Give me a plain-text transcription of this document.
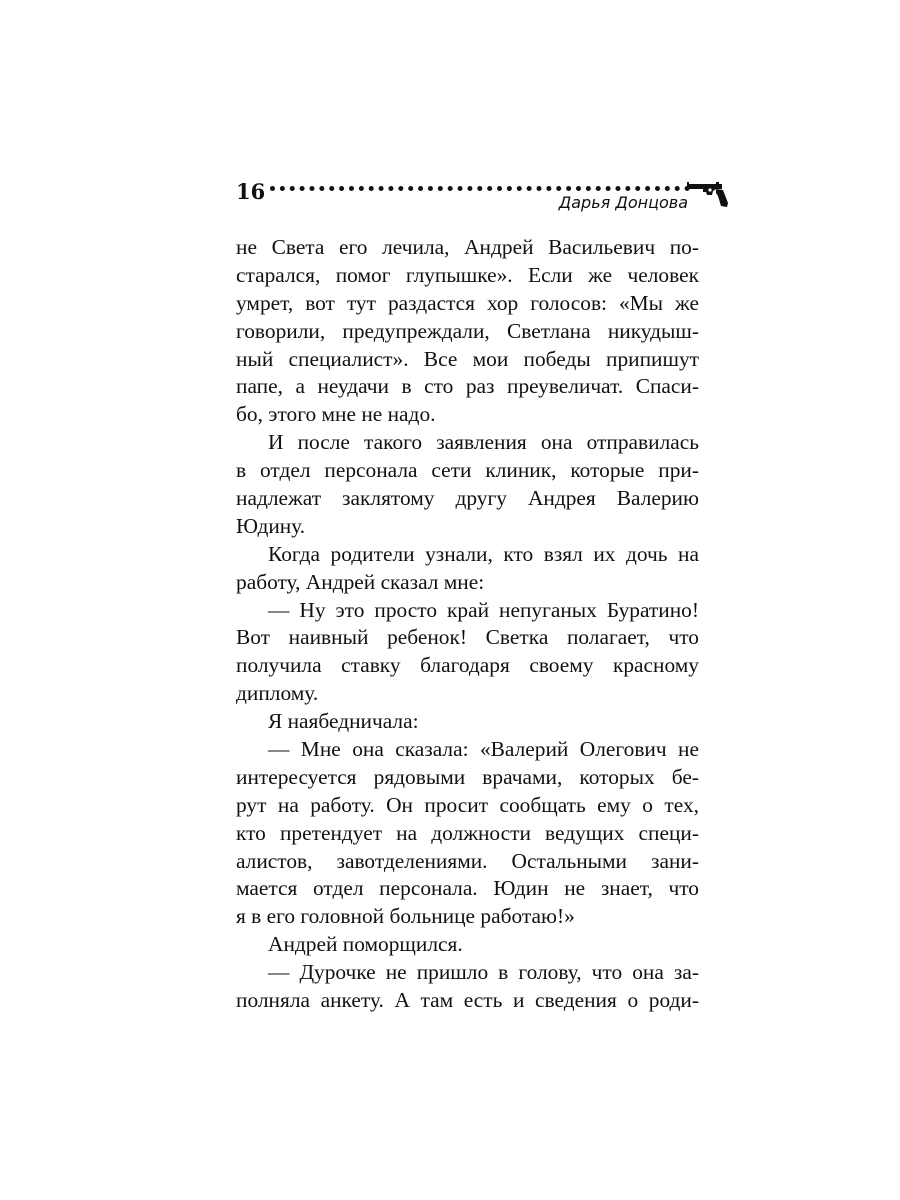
16	Дарья Донцова

не Света его лечила, Андрей Васильевич по-
старался, помог глупышке». Если же человек
умрет, вот тут раздастся хор голосов: «Мы же
говорили, предупреждали, Светлана никудыш-
ный специалист». Все мои победы припишут
папе, а неудачи в сто раз преувеличат. Спаси-
бо, этого мне не надо.

И после такого заявления она отправилась
в отдел персонала сети клиник, которые при-
надлежат заклятому другу Андрея Валерию
Юдину.

Когда родители узнали, кто взял их дочь на
работу, Андрей сказал мне:

— Ну это просто край непуганых Буратино!
Вот наивный ребенок! Светка полагает, что
получила ставку благодаря своему красному
диплому.

Я наябедничала:

— Мне она сказала: «Валерий Олегович не
интересуется рядовыми врачами, которых бе-
рут на работу. Он просит сообщать ему о тех,
кто претендует на должности ведущих специ-
алистов, завотделениями. Остальными зани-
мается отдел персонала. Юдин не знает, что
я в его головной больнице работаю!»

Андрей поморщился.

— Дурочке не пришло в голову, что она за-
полняла анкету. А там есть и сведения о роди-
